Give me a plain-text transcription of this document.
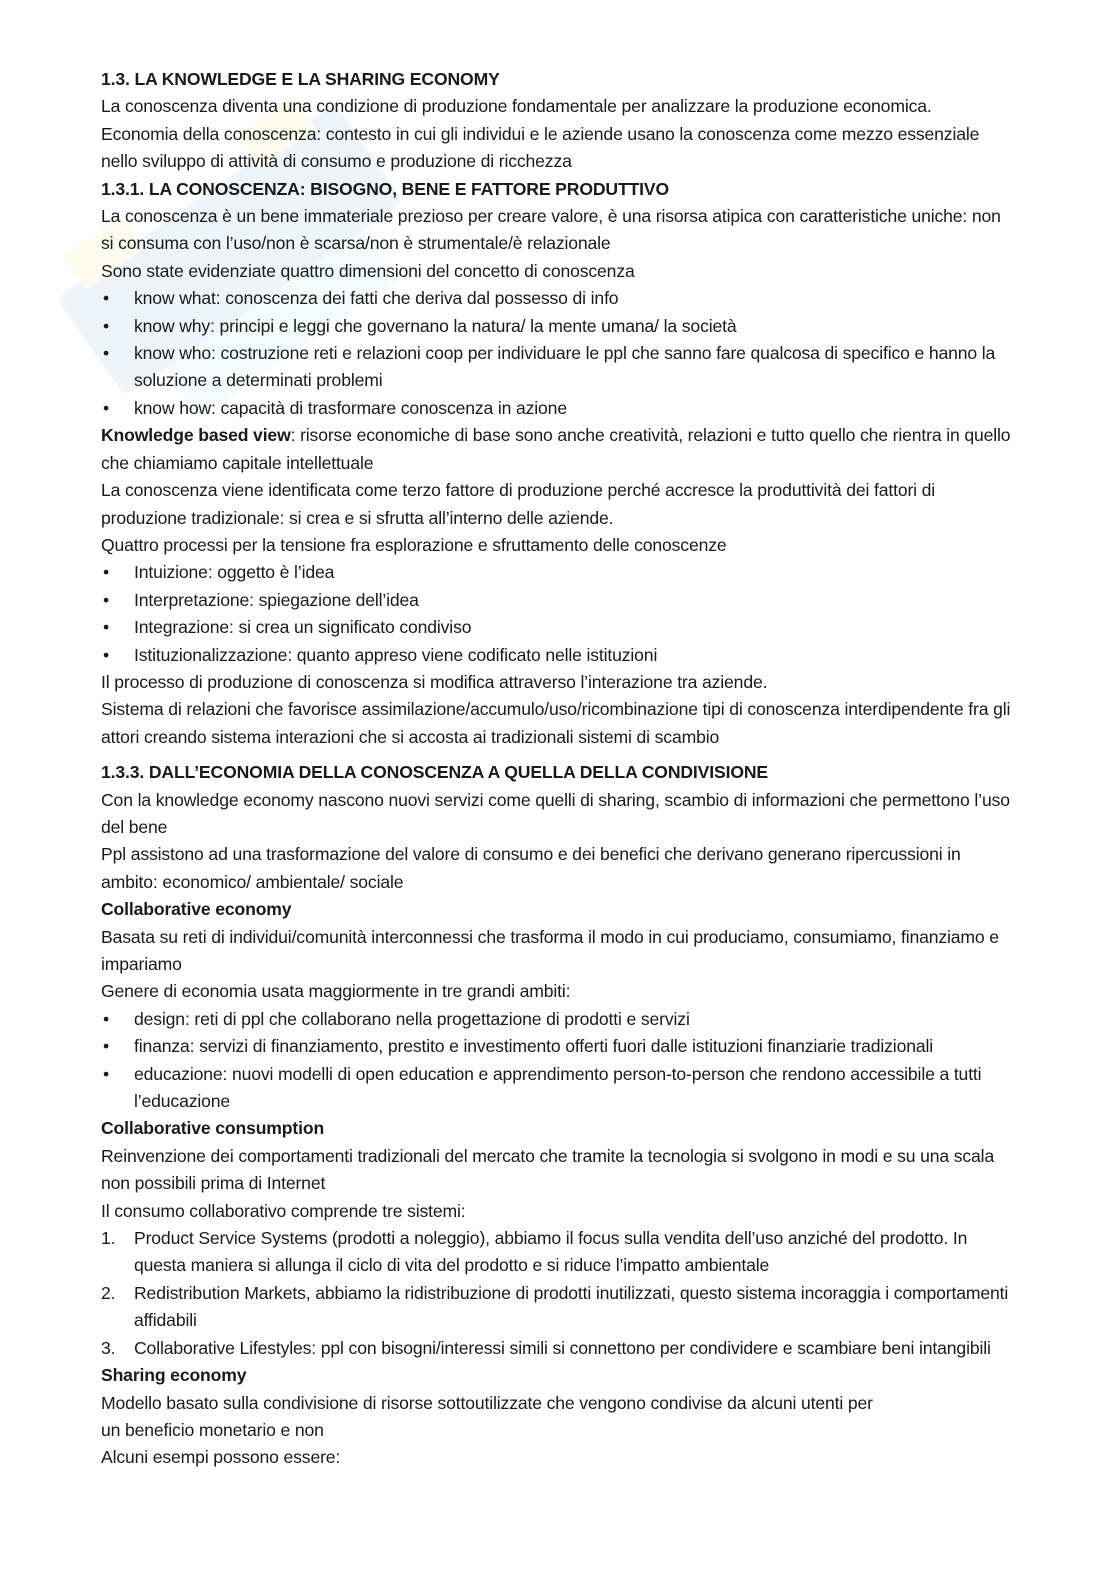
1.3. LA KNOWLEDGE E LA SHARING ECONOMY
La conoscenza diventa una condizione di produzione fondamentale per analizzare la produzione economica.
Economia della conoscenza: contesto in cui gli individui e le aziende usano la conoscenza come mezzo essenziale nello sviluppo di attività di consumo e produzione di ricchezza
1.3.1. LA CONOSCENZA: BISOGNO, BENE E FATTORE PRODUTTIVO
La conoscenza è un bene immateriale prezioso per creare valore, è una risorsa atipica con caratteristiche uniche: non si consuma con l’uso/non è scarsa/non è strumentale/è relazionale
Sono state evidenziate quattro dimensioni del concetto di conoscenza
•	know what: conoscenza dei fatti che deriva dal possesso di info
•	know why: principi e leggi che governano la natura/ la mente umana/ la società
•	know who: costruzione reti e relazioni coop per individuare le ppl che sanno fare qualcosa di specifico e hanno la soluzione a determinati problemi
•	know how: capacità di trasformare conoscenza in azione
Knowledge based view: risorse economiche di base sono anche creatività, relazioni e tutto quello che rientra in quello che chiamiamo capitale intellettuale
La conoscenza viene identificata come terzo fattore di produzione perché accresce la produttività dei fattori di produzione tradizionale: si crea e si sfrutta all’interno delle aziende.
Quattro processi per la tensione fra esplorazione e sfruttamento delle conoscenze
•	Intuizione: oggetto è l’idea
•	Interpretazione: spiegazione dell’idea
•	Integrazione: si crea un significato condiviso
•	Istituzionalizzazione: quanto appreso viene codificato nelle istituzioni
Il processo di produzione di conoscenza si modifica attraverso l’interazione tra aziende.
Sistema di relazioni che favorisce assimilazione/accumulo/uso/ricombinazione tipi di conoscenza interdipendente fra gli attori creando sistema interazioni che si accosta ai tradizionali sistemi di scambio
1.3.3. DALL’ECONOMIA DELLA CONOSCENZA A QUELLA DELLA CONDIVISIONE
Con la knowledge economy nascono nuovi servizi come quelli di sharing, scambio di informazioni che permettono l’uso del bene
Ppl assistono ad una trasformazione del valore di consumo e dei benefici che derivano generano ripercussioni in ambito: economico/ ambientale/ sociale
Collaborative economy
Basata su reti di individui/comunità interconnessi che trasforma il modo in cui produciamo, consumiamo, finanziamo e impariamo
Genere di economia usata maggiormente in tre grandi ambiti:
•	design: reti di ppl che collaborano nella progettazione di prodotti e servizi
•	finanza: servizi di finanziamento, prestito e investimento offerti fuori dalle istituzioni finanziarie tradizionali
•	educazione: nuovi modelli di open education e apprendimento person-to-person che rendono accessibile a tutti l’educazione
Collaborative consumption
Reinvenzione dei comportamenti tradizionali del mercato che tramite la tecnologia si svolgono in modi e su una scala non possibili prima di Internet
Il consumo collaborativo comprende tre sistemi:
1.	Product Service Systems (prodotti a noleggio), abbiamo il focus sulla vendita dell’uso anziché del prodotto. In questa maniera si allunga il ciclo di vita del prodotto e si riduce l’impatto ambientale
2.	Redistribution Markets, abbiamo la ridistribuzione di prodotti inutilizzati, questo sistema incoraggia i comportamenti affidabili
3.	Collaborative Lifestyles: ppl con bisogni/interessi simili si connettono per condividere e scambiare beni intangibili
Sharing economy
Modello basato sulla condivisione di risorse sottoutilizzate che vengono condivise da alcuni utenti per
un beneficio monetario e non
Alcuni esempi possono essere:
